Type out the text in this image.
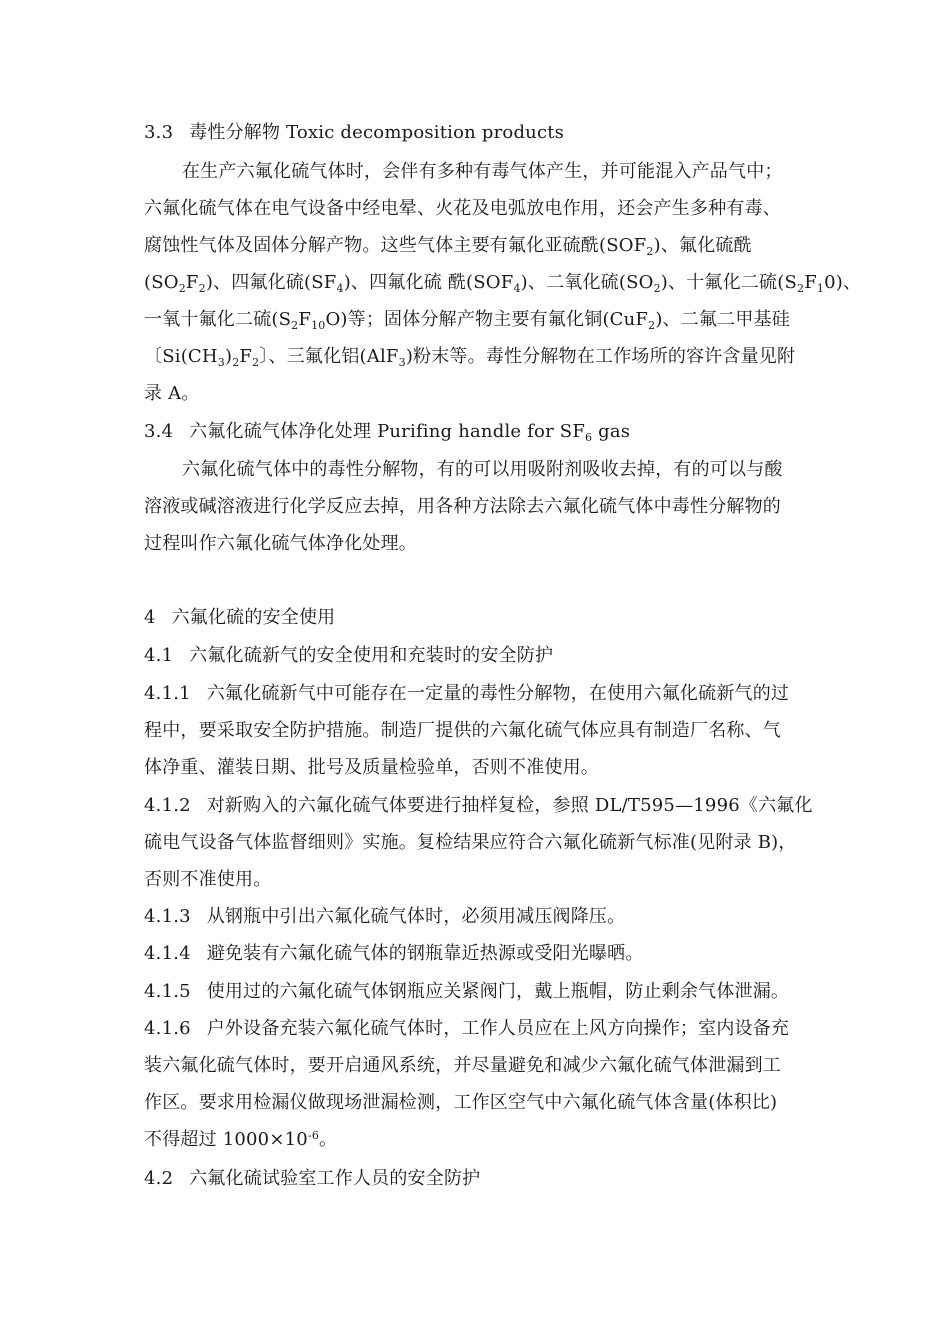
3.3 毒性分解物 Toxic decomposition products
在生产六氟化硫气体时，会伴有多种有毒气体产生，并可能混入产品气中；
六氟化硫气体在电气设备中经电晕、火花及电弧放电作用，还会产生多种有毒、
腐蚀性气体及固体分解产物。这些气体主要有氟化亚硫酰$(SOF_2)$、氟化硫酰
$(SO_2F_2)$、四氟化硫$(SF_4)$、四氟化硫 酰$(SOF_4)$、二氧化硫$(SO_2)$、十氟化二硫$(S_2F_10)$、
一氧十氟化二硫$(S_2F_{10}O)$等；固体分解产物主要有氟化铜(CuF$_2$)、二氟二甲基硅
〔$Si(CH_3)_2F_2$〕、三氟化铝(AlF$_3$)粉末等。毒性分解物在工作场所的容许含量见附
录 A。
3.4 六氟化硫气体净化处理 Purifing handle for $SF_6$ gas
六氟化硫气体中的毒性分解物，有的可以用吸附剂吸收去掉，有的可以与酸
溶液或碱溶液进行化学反应去掉，用各种方法除去六氟化硫气体中毒性分解物的
过程叫作六氟化硫气体净化处理。
4 六氟化硫的安全使用
4.1 六氟化硫新气的安全使用和充装时的安全防护
4.1.1 六氟化硫新气中可能存在一定量的毒性分解物，在使用六氟化硫新气的过
程中，要采取安全防护措施。制造厂提供的六氟化硫气体应具有制造厂名称、气
体净重、灌装日期、批号及质量检验单，否则不准使用。
4.1.2 对新购入的六氟化硫气体要进行抽样复检，参照 DL/T595—1996《六氟化
硫电气设备气体监督细则》实施。复检结果应符合六氟化硫新气标准(见附录 B)，
否则不准使用。
4.1.3 从钢瓶中引出六氟化硫气体时，必须用减压阀降压。
4.1.4 避免装有六氟化硫气体的钢瓶靠近热源或受阳光曝晒。
4.1.5 使用过的六氟化硫气体钢瓶应关紧阀门，戴上瓶帽，防止剩余气体泄漏。
4.1.6 户外设备充装六氟化硫气体时，工作人员应在上风方向操作；室内设备充
装六氟化硫气体时，要开启通风系统，并尽量避免和减少六氟化硫气体泄漏到工
作区。要求用检漏仪做现场泄漏检测，工作区空气中六氟化硫气体含量(体积比)
不得超过 $1000\times 10^{-6}$。
4.2 六氟化硫试验室工作人员的安全防护
